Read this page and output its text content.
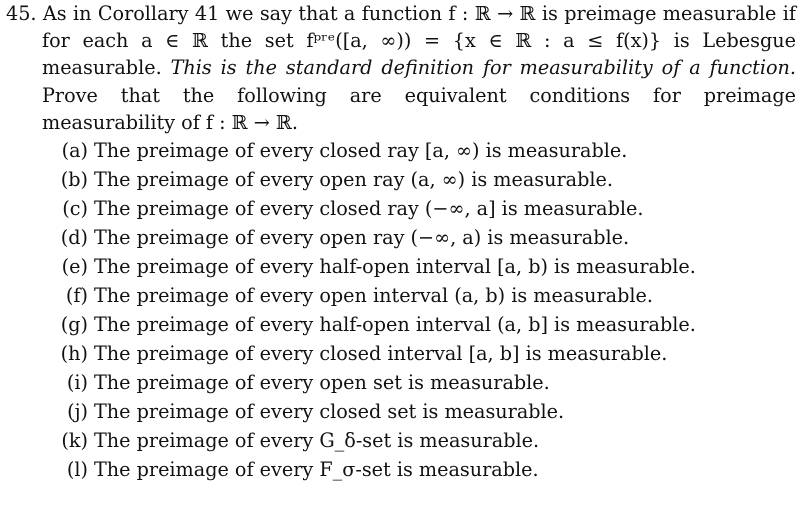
45. As in Corollary 41 we say that a function f : ℝ → ℝ is preimage measurable if for each a ∈ ℝ the set fᵖʳᵉ([a, ∞)) = {x ∈ ℝ : a ≤ f(x)} is Lebesgue measurable. This is the standard definition for measurability of a function. Prove that the following are equivalent conditions for preimage measurability of f : ℝ → ℝ.

(a) The preimage of every closed ray [a, ∞) is measurable.
(b) The preimage of every open ray (a, ∞) is measurable.
(c) The preimage of every closed ray (−∞, a] is measurable.
(d) The preimage of every open ray (−∞, a) is measurable.
(e) The preimage of every half-open interval [a, b) is measurable.
(f) The preimage of every open interval (a, b) is measurable.
(g) The preimage of every half-open interval (a, b] is measurable.
(h) The preimage of every closed interval [a, b] is measurable.
(i) The preimage of every open set is measurable.
(j) The preimage of every closed set is measurable.
(k) The preimage of every G_δ-set is measurable.
(l) The preimage of every F_σ-set is measurable.
